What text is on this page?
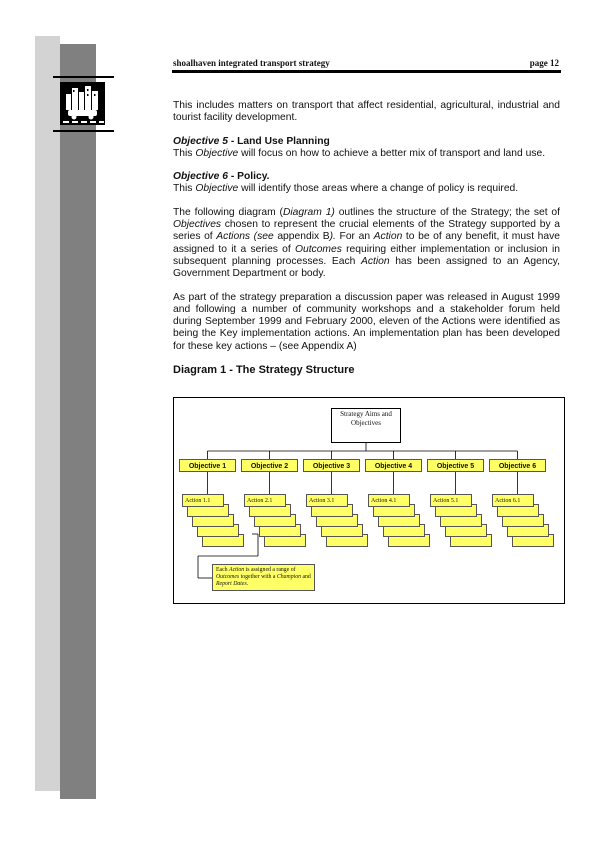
shoalhaven integrated transport strategy	page 12

This includes matters on transport that affect residential, agricultural, industrial and tourist facility development.

Objective 5 - Land Use Planning
This Objective will focus on how to achieve a better mix of transport and land use.
Objective 6 - Policy.
This Objective will identify those areas where a change of policy is required.

The following diagram (Diagram 1) outlines the structure of the Strategy; the set of Objectives chosen to represent the crucial elements of the Strategy supported by a series of Actions (see appendix B). For an Action to be of any benefit, it must have assigned to it a series of Outcomes requiring either implementation or inclusion in subsequent planning processes. Each Action has been assigned to an Agency, Government Department or body.

As part of the strategy preparation a discussion paper was released in August 1999 and following a number of community workshops and a stakeholder forum held during September 1999 and February 2000, eleven of the Actions were identified as being the Key implementation actions. An implementation plan has been developed for these key actions – (see Appendix A)

Diagram 1 - The Strategy Structure
Strategy Aims and Objectives
Objective 1
Action 1.1
Objective 2
Action 2.1
Objective 3
Action 3.1
Objective 4
Action 4.1
Objective 5
Action 5.1
Objective 6
Action 6.1
Each Action is assigned a range of Outcomes together with a Champion and Report Dates.
